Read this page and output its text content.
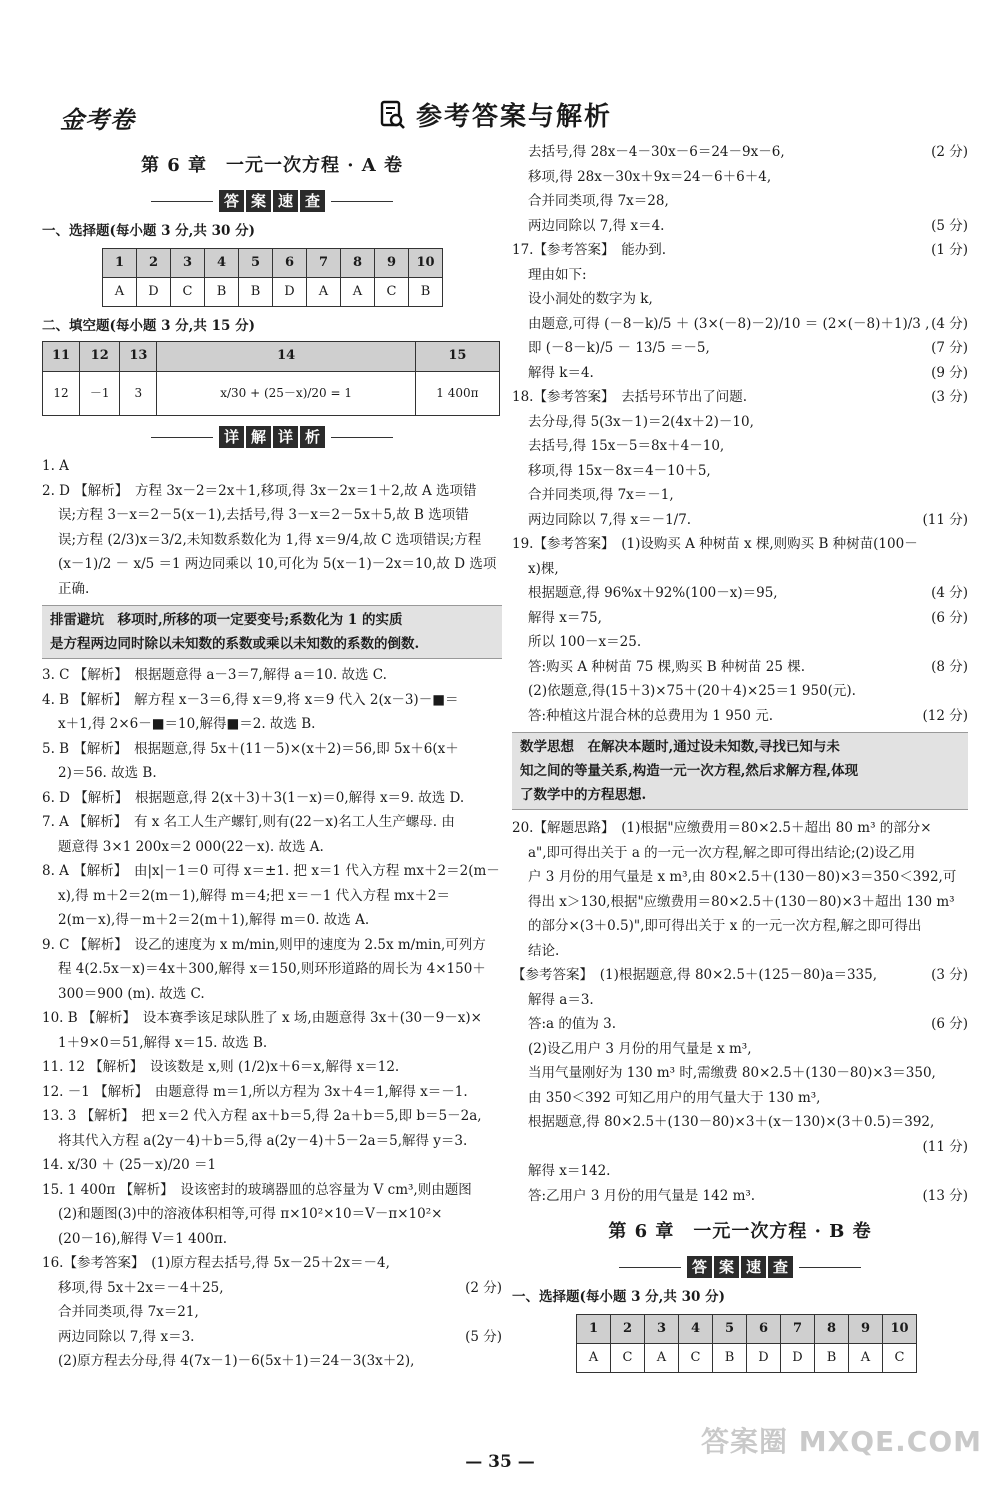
金考卷	参考答案与解析
第 6 章　一元一次方程 · A 卷
答 案 速 查
一、选择题(每小题 3 分,共 30 分)
1	2	3	4	5	6	7	8	9	10
A	D	C	B	B	D	A	A	C	B
二、填空题(每小题 3 分,共 15 分)
11	12	13	14	15
12	－1	3	x/30 + (25－x)/20 = 1	1 400π
详 解 详 析
1. A
2. D 【解析】　方程 3x－2＝2x＋1,移项,得 3x－2x＝1＋2,故 A 选项错
误;方程 3－x＝2－5(x－1),去括号,得 3－x＝2－5x＋5,故 B 选项错
误;方程 (2/3)x＝3/2,未知数系数化为 1,得 x＝9/4,故 C 选项错误;方程
(x－1)/2 － x/5 ＝1 两边同乘以 10,可化为 5(x－1)－2x＝10,故 D 选项
正确.
排雷避坑　移项时,所移的项一定要变号;系数化为 1 的实质
是方程两边同时除以未知数的系数或乘以未知数的系数的倒数.
3. C 【解析】　根据题意得 a－3＝7,解得 a＝10. 故选 C.
4. B 【解析】　解方程 x－3＝6,得 x＝9,将 x＝9 代入 2(x－3)－■＝
x＋1,得 2×6－■＝10,解得■＝2. 故选 B.
5. B 【解析】　根据题意,得 5x＋(11－5)×(x＋2)＝56,即 5x＋6(x＋
2)＝56. 故选 B.
6. D 【解析】　根据题意,得 2(x＋3)＋3(1－x)＝0,解得 x＝9. 故选 D.
7. A 【解析】　有 x 名工人生产螺钉,则有(22－x)名工人生产螺母. 由
题意得 3×1 200x＝2 000(22－x). 故选 A.
8. A 【解析】　由|x|－1＝0 可得 x＝±1. 把 x＝1 代入方程 mx＋2＝2(m－
x),得 m＋2＝2(m－1),解得 m＝4;把 x＝－1 代入方程 mx＋2＝
2(m－x),得－m＋2＝2(m＋1),解得 m＝0. 故选 A.
9. C 【解析】　设乙的速度为 x m/min,则甲的速度为 2.5x m/min,可列方
程 4(2.5x－x)＝4x＋300,解得 x＝150,则环形道路的周长为 4×150＋
300＝900 (m). 故选 C.
10. B 【解析】　设本赛季该足球队胜了 x 场,由题意得 3x＋(30－9－x)×
1＋9×0＝51,解得 x＝15. 故选 B.
11. 12 【解析】　设该数是 x,则 (1/2)x＋6＝x,解得 x＝12.
12. －1 【解析】　由题意得 m＝1,所以方程为 3x＋4＝1,解得 x＝－1.
13. 3 【解析】　把 x＝2 代入方程 ax＋b＝5,得 2a＋b＝5,即 b＝5－2a,
将其代入方程 a(2y－4)＋b＝5,得 a(2y－4)＋5－2a＝5,解得 y＝3.
14. x/30 ＋ (25－x)/20 ＝1
15. 1 400π 【解析】　设该密封的玻璃器皿的总容量为 V cm³,则由题图
(2)和题图(3)中的溶液体积相等,可得 π×10²×10＝V－π×10²×
(20－16),解得 V＝1 400π.
16.【参考答案】　(1)原方程去括号,得 5x－25＋2x＝－4,
移项,得 5x＋2x＝－4＋25,	(2 分)
合并同类项,得 7x＝21,
两边同除以 7,得 x＝3.	(5 分)
(2)原方程去分母,得 4(7x－1)－6(5x＋1)＝24－3(3x＋2),
去括号,得 28x－4－30x－6＝24－9x－6,	(2 分)
移项,得 28x－30x＋9x＝24－6＋6＋4,
合并同类项,得 7x＝28,
两边同除以 7,得 x＝4.	(5 分)
17.【参考答案】　能办到.	(1 分)
理由如下:
设小洞处的数字为 k,
由题意,可得 (－8－k)/5 ＋ (3×(－8)－2)/10 ＝ (2×(－8)＋1)/3 , (4 分)
即 (－8－k)/5 － 13/5 ＝－5,	(7 分)
解得 k＝4.	(9 分)
18.【参考答案】　去括号环节出了问题.	(3 分)
去分母,得 5(3x－1)＝2(4x＋2)－10,
去括号,得 15x－5＝8x＋4－10,
移项,得 15x－8x＝4－10＋5,
合并同类项,得 7x＝－1,
两边同除以 7,得 x＝－1/7.	(11 分)
19.【参考答案】　(1)设购买 A 种树苗 x 棵,则购买 B 种树苗(100－
x)棵,
根据题意,得 96%x＋92%(100－x)＝95,	(4 分)
解得 x＝75,	(6 分)
所以 100－x＝25.
答:购买 A 种树苗 75 棵,购买 B 种树苗 25 棵.	(8 分)
(2)依题意,得(15＋3)×75＋(20＋4)×25＝1 950(元).
答:种植这片混合林的总费用为 1 950 元.	(12 分)
数学思想　在解决本题时,通过设未知数,寻找已知与未
知之间的等量关系,构造一元一次方程,然后求解方程,体现
了数学中的方程思想.
20.【解题思路】　(1)根据"应缴费用＝80×2.5＋超出 80 m³ 的部分×
a",即可得出关于 a 的一元一次方程,解之即可得出结论;(2)设乙用
户 3 月份的用气量是 x m³,由 80×2.5＋(130－80)×3＝350＜392,可
得出 x＞130,根据"应缴费用＝80×2.5＋(130－80)×3＋超出 130 m³
的部分×(3＋0.5)",即可得出关于 x 的一元一次方程,解之即可得出
结论.
【参考答案】　(1)根据题意,得 80×2.5＋(125－80)a＝335,	(3 分)
解得 a＝3.
答:a 的值为 3.	(6 分)
(2)设乙用户 3 月份的用气量是 x m³,
当用气量刚好为 130 m³ 时,需缴费 80×2.5＋(130－80)×3＝350,
由 350＜392 可知乙用户的用气量大于 130 m³,
根据题意,得 80×2.5＋(130－80)×3＋(x－130)×(3＋0.5)＝392,
(11 分)
解得 x＝142.
答:乙用户 3 月份的用气量是 142 m³.	(13 分)
第 6 章　一元一次方程 · B 卷
答 案 速 查
一、选择题(每小题 3 分,共 30 分)
1	2	3	4	5	6	7	8	9	10
A	C	A	C	B	D	D	B	A	C
— 35 —
答案圈 MXQE.COM
